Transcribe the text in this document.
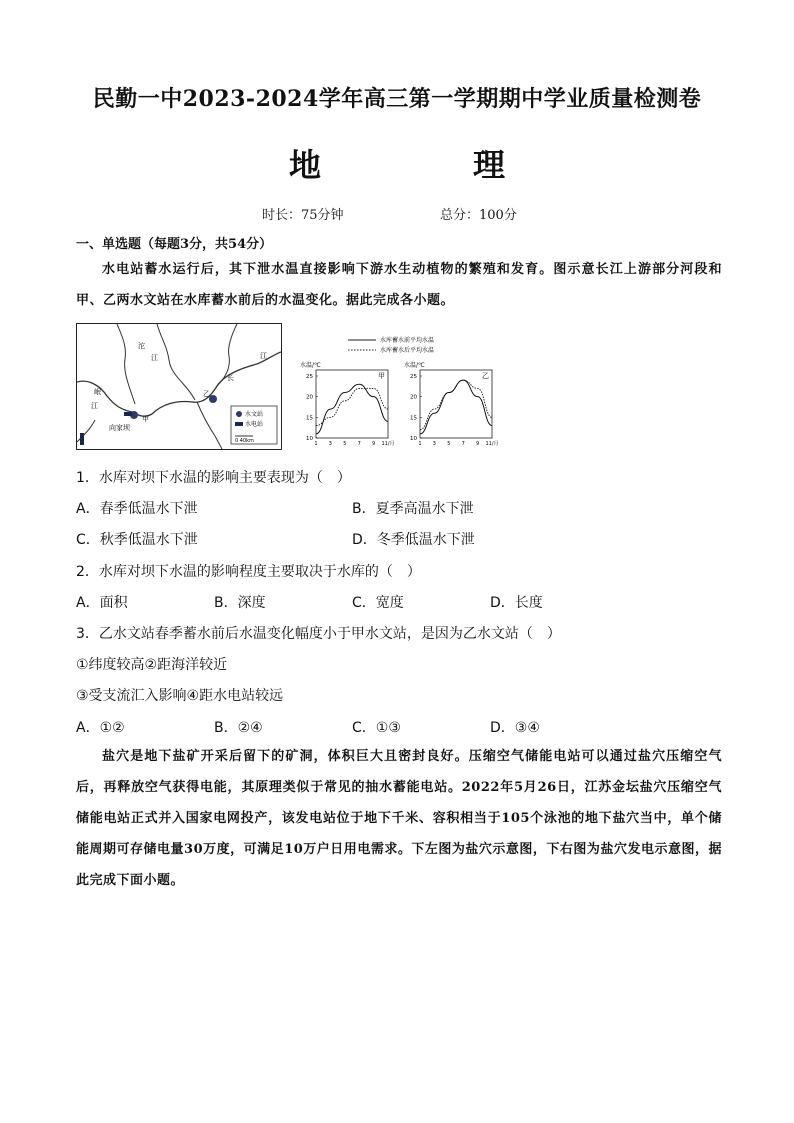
民勤一中2023-2024学年高三第一学期期中学业质量检测卷
地　理
时长：75分钟	总分：100分
一、单选题（每题3分，共54分）
水电站蓄水运行后，其下泄水温直接影响下游水生动植物的繁殖和发育。图示意长江上游部分河段和甲、乙两水文站在水库蓄水前后的水温变化。据此完成各小题。
沱
江
长
江
岷
江
乙
甲
向家坝
水文站
水电站
0 40km
水库蓄水前平均水温
水库蓄水后平均水温
水温/℃
甲
10
15
20
25
1 3 5 7 9 11/月
水温/℃
乙
10
15
20
25
1 3 5 7 9 11/月
1．水库对坝下水温的影响主要表现为（　）
A．春季低温水下泄	B．夏季高温水下泄
C．秋季低温水下泄	D．冬季低温水下泄
2．水库对坝下水温的影响程度主要取决于水库的（　）
A．面积	B．深度	C．宽度	D．长度
3．乙水文站春季蓄水前后水温变化幅度小于甲水文站，是因为乙水文站（　）
①纬度较高②距海洋较近
③受支流汇入影响④距水电站较远
A．①②	B．②④	C．①③	D．③④
盐穴是地下盐矿开采后留下的矿洞，体积巨大且密封良好。压缩空气储能电站可以通过盐穴压缩空气后，再释放空气获得电能，其原理类似于常见的抽水蓄能电站。2022年5月26日，江苏金坛盐穴压缩空气储能电站正式并入国家电网投产，该发电站位于地下千米、容积相当于105个泳池的地下盐穴当中，单个储能周期可存储电量30万度，可满足10万户日用电需求。下左图为盐穴示意图，下右图为盐穴发电示意图，据此完成下面小题。
